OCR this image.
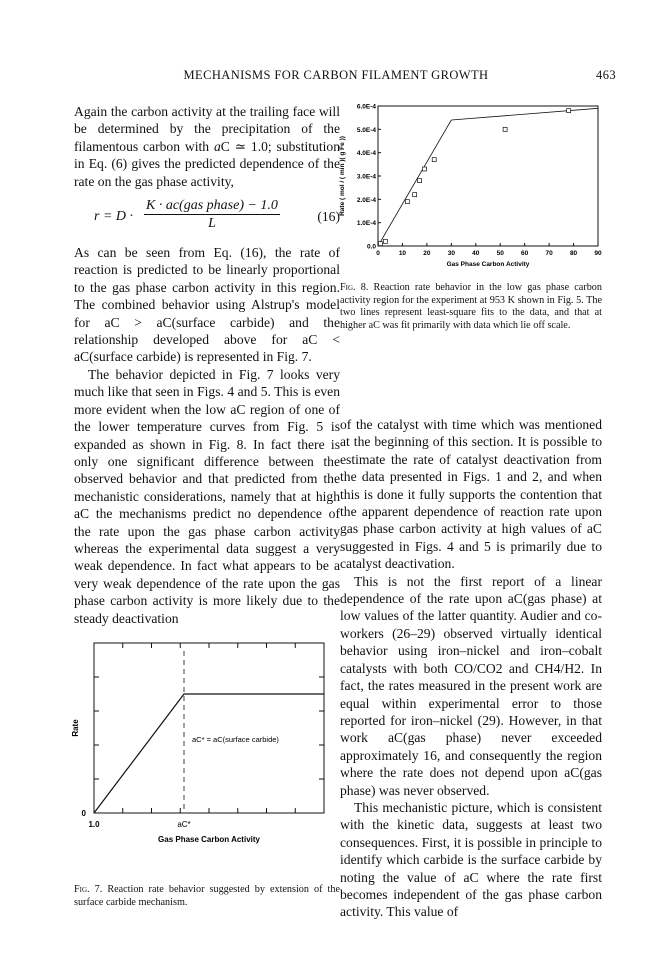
MECHANISMS FOR CARBON FILAMENT GROWTH	463

Again the carbon activity at the trailing face will be determined by the precipitation of the filamentous carbon with aC ≃ 1.0; substitution in Eq. (6) gives the predicted dependence of the rate on the gas phase activity,

r = D ·
K · ac(gas phase) − 1.0
L	(16)

As can be seen from Eq. (16), the rate of reaction is predicted to be linearly proportional to the gas phase carbon activity in this region. The combined behavior using Alstrup's model for aC > aC(surface carbide) and the relationship developed above for aC < aC(surface carbide) is represented in Fig. 7.

The behavior depicted in Fig. 7 looks very much like that seen in Figs. 4 and 5. This is even more evident when the low aC region of one of the lower temperature curves from Fig. 5 is expanded as shown in Fig. 8. In fact there is only one significant difference between the observed behavior and that predicted from the mechanistic considerations, namely that at high aC the mechanisms predict no dependence of the rate upon the gas phase carbon activity whereas the experimental data suggest a very weak dependence. In fact what appears to be a very weak dependence of the rate upon the gas phase carbon activity is more likely due to the steady deactivation

0	10	20	30	40	50	60	70	80	90
0.0
1.0E-4
2.0E-4
3.0E-4
4.0E-4
5.0E-4
6.0E-4
Gas Phase Carbon Activity
Rate ( mol / ( min )( g Fe ))
Fig. 8. Reaction rate behavior in the low gas phase carbon activity region for the experiment at 953 K shown in Fig. 5. The two lines represent least-square fits to the data, and that at higher aC was fit primarily with data which lie off scale.

of the catalyst with time which was mentioned at the beginning of this section. It is possible to estimate the rate of catalyst deactivation from the data presented in Figs. 1 and 2, and when this is done it fully supports the contention that the apparent dependence of reaction rate upon gas phase carbon activity at high values of aC suggested in Figs. 4 and 5 is primarily due to catalyst deactivation.

This is not the first report of a linear dependence of the rate upon aC(gas phase) at low values of the latter quantity. Audier and co-workers (26–29) observed virtually identical behavior using iron–nickel and iron–cobalt catalysts with both CO/CO2 and CH4/H2. In fact, the rates measured in the present work are equal within experimental error to those reported for iron–nickel (29). However, in that work aC(gas phase) never exceeded approximately 16, and consequently the region where the rate does not depend upon aC(gas phase) was never observed.

This mechanistic picture, which is consistent with the kinetic data, suggests at least two consequences. First, it is possible in principle to identify which carbide is the surface carbide by noting the value of aC where the rate first becomes independent of the gas phase carbon activity. This value of

0
1.0	aC*
Gas Phase Carbon Activity
Rate
aC* = aC(surface carbide)
Fig. 7. Reaction rate behavior suggested by extension of the surface carbide mechanism.
